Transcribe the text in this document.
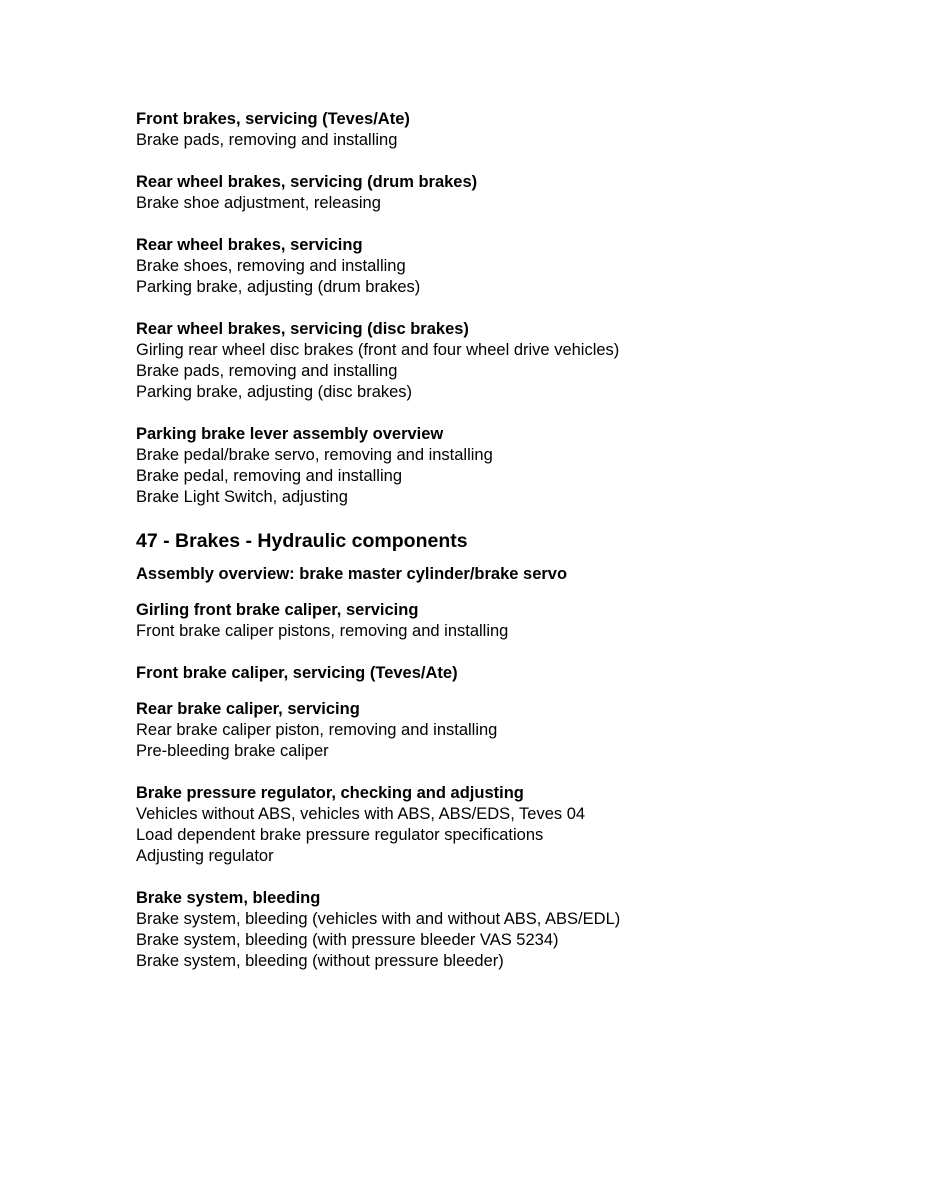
Front brakes, servicing (Teves/Ate)
Brake pads, removing and installing
Rear wheel brakes, servicing (drum brakes)
Brake shoe adjustment, releasing
Rear wheel brakes, servicing
Brake shoes, removing and installing
Parking brake, adjusting (drum brakes)
Rear wheel brakes, servicing (disc brakes)
Girling rear wheel disc brakes (front and four wheel drive vehicles)
Brake pads, removing and installing
Parking brake, adjusting (disc brakes)
Parking brake lever assembly overview
Brake pedal/brake servo, removing and installing
Brake pedal, removing and installing
Brake Light Switch, adjusting
47 - Brakes - Hydraulic components
Assembly overview: brake master cylinder/brake servo
Girling front brake caliper, servicing
Front brake caliper pistons, removing and installing
Front brake caliper, servicing (Teves/Ate)
Rear brake caliper, servicing
Rear brake caliper piston, removing and installing
Pre-bleeding brake caliper
Brake pressure regulator, checking and adjusting
Vehicles without ABS, vehicles with ABS, ABS/EDS, Teves 04
Load dependent brake pressure regulator specifications
Adjusting regulator
Brake system, bleeding
Brake system, bleeding (vehicles with and without ABS, ABS/EDL)
Brake system, bleeding (with pressure bleeder VAS 5234)
Brake system, bleeding (without pressure bleeder)
